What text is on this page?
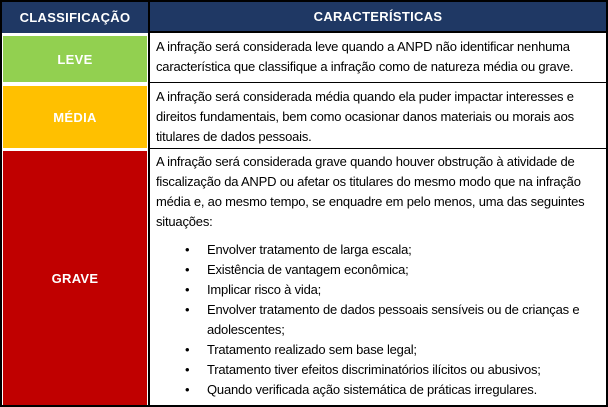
CLASSIFICAÇÃO
LEVE
MÉDIA
GRAVE
CARACTERÍSTICAS
A infração será considerada leve quando a ANPD não identificar nenhuma característica que classifique a infração como de natureza média ou grave.
A infração será considerada média quando ela puder impactar interesses e direitos fundamentais, bem como ocasionar danos materiais ou morais aos titulares de dados pessoais.
A infração será considerada grave quando houver obstrução à atividade de fiscalização da ANPD ou afetar os titulares do mesmo modo que na infração média e, ao mesmo tempo, se enquadre em pelo menos, uma das seguintes situações:
• Envolver tratamento de larga escala;
• Existência de vantagem econômica;
• Implicar risco à vida;
• Envolver tratamento de dados pessoais sensíveis ou de crianças e adolescentes;
• Tratamento realizado sem base legal;
• Tratamento tiver efeitos discriminatórios ilícitos ou abusivos;
• Quando verificada ação sistemática de práticas irregulares.
